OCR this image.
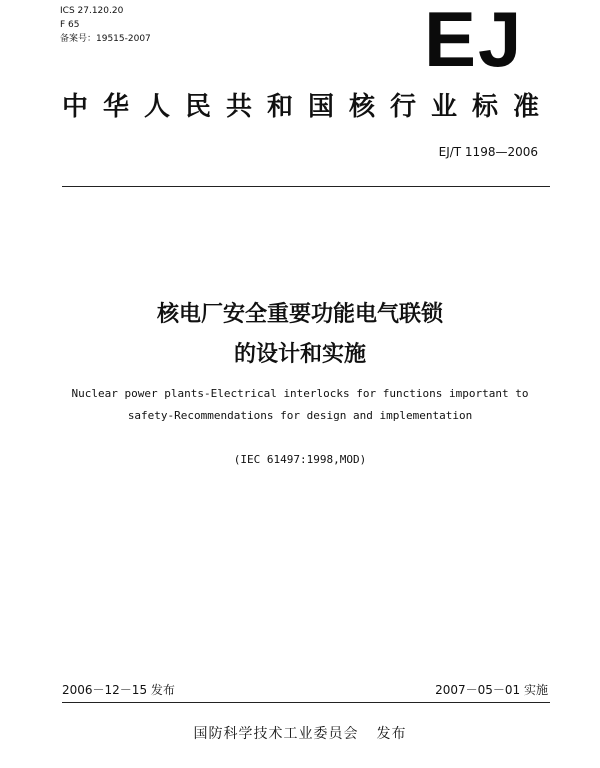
ICS 27.120.20
F 65
备案号：19515-2007	EJ
中华人民共和国核行业标准
EJ/T 1198—2006
核电厂安全重要功能电气联锁
的设计和实施
Nuclear power plants-Electrical interlocks for functions important to
safety-Recommendations for design and implementation
(IEC 61497:1998,MOD)
2006－12－15 发布	2007－05－01 实施
国防科学技术工业委员会 发布
